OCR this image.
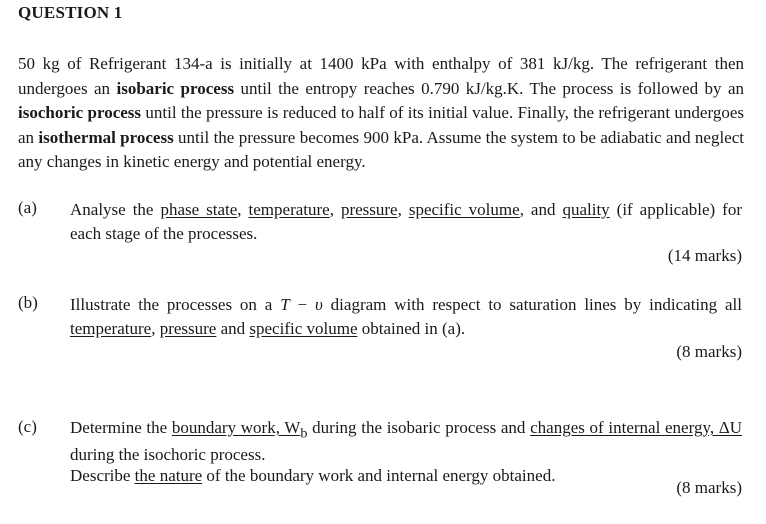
QUESTION 1
50 kg of Refrigerant 134-a is initially at 1400 kPa with enthalpy of 381 kJ/kg. The refrigerant then undergoes an isobaric process until the entropy reaches 0.790 kJ/kg.K. The process is followed by an isochoric process until the pressure is reduced to half of its initial value. Finally, the refrigerant undergoes an isothermal process until the pressure becomes 900 kPa. Assume the system to be adiabatic and neglect any changes in kinetic energy and potential energy.
(a)	Analyse the phase state, temperature, pressure, specific volume, and quality (if applicable) for each stage of the processes.
(14 marks)
(b)	Illustrate the processes on a T − υ diagram with respect to saturation lines by indicating all temperature, pressure and specific volume obtained in (a).
(8 marks)
(c)	Determine the boundary work, $W_b$ during the isobaric process and changes of internal energy, ΔU during the isochoric process.
Describe the nature of the boundary work and internal energy obtained.
(8 marks)
